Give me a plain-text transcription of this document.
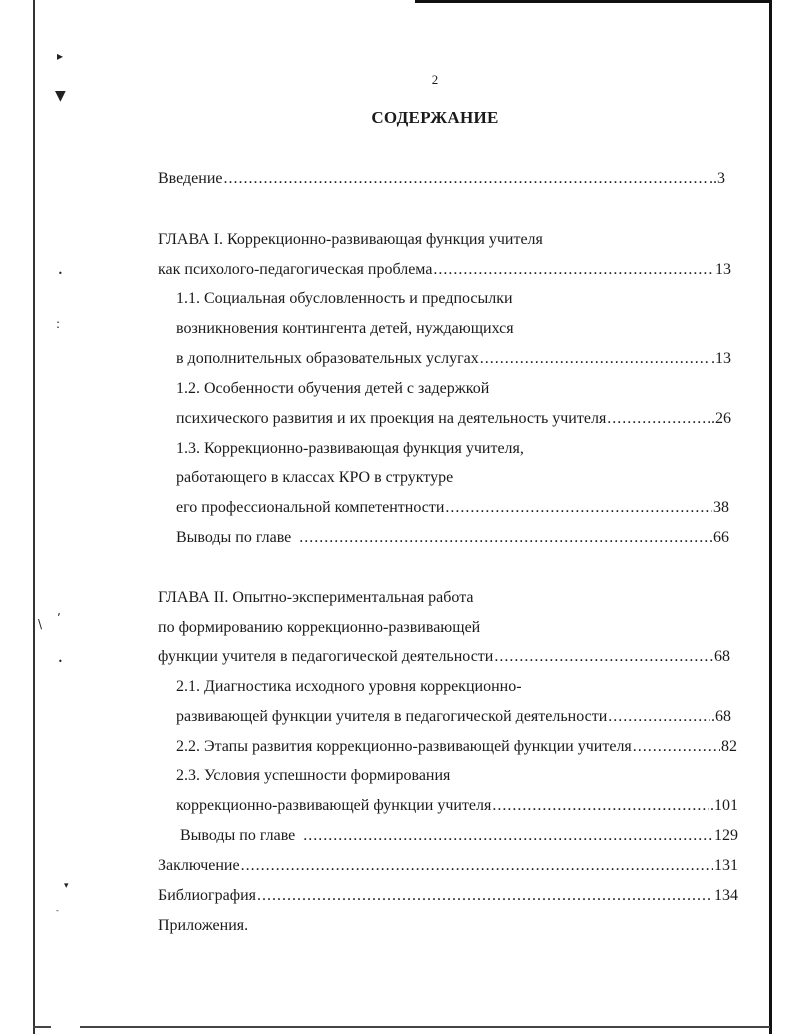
▸
▼
•
:
\ ʼ
•
▾
-
2
СОДЕРЖАНИЕ
Введение .....	..3
ГЛАВА I. Коррекционно-развивающая функция учителя
как психолого-педагогическая проблема .....	13
1.1. Социальная обусловленность и предпосылки
возникновения контингента детей, нуждающихся
в дополнительных образовательных услугах .....	.13
1.2. Особенности обучения детей с задержкой
психического развития и их проекция на деятельность учителя .....	.26
1.3. Коррекционно-развивающая функция учителя,
работающего в классах КРО в структуре
его профессиональной компетентности .....	38
Выводы по главе .....	.66
ГЛАВА II. Опытно-экспериментальная работа
по формированию коррекционно-развивающей
функции учителя в педагогической деятельности .....	68
2.1. Диагностика исходного уровня коррекционно-
развивающей функции учителя в педагогической деятельности .....	.68
2.2. Этапы развития коррекционно-развивающей функции учителя .....	82
2.3. Условия успешности формирования
коррекционно-развивающей функции учителя .....	.101
Выводы по главе .....	129
Заключение .....	131
Библиография .....	134
Приложения.
